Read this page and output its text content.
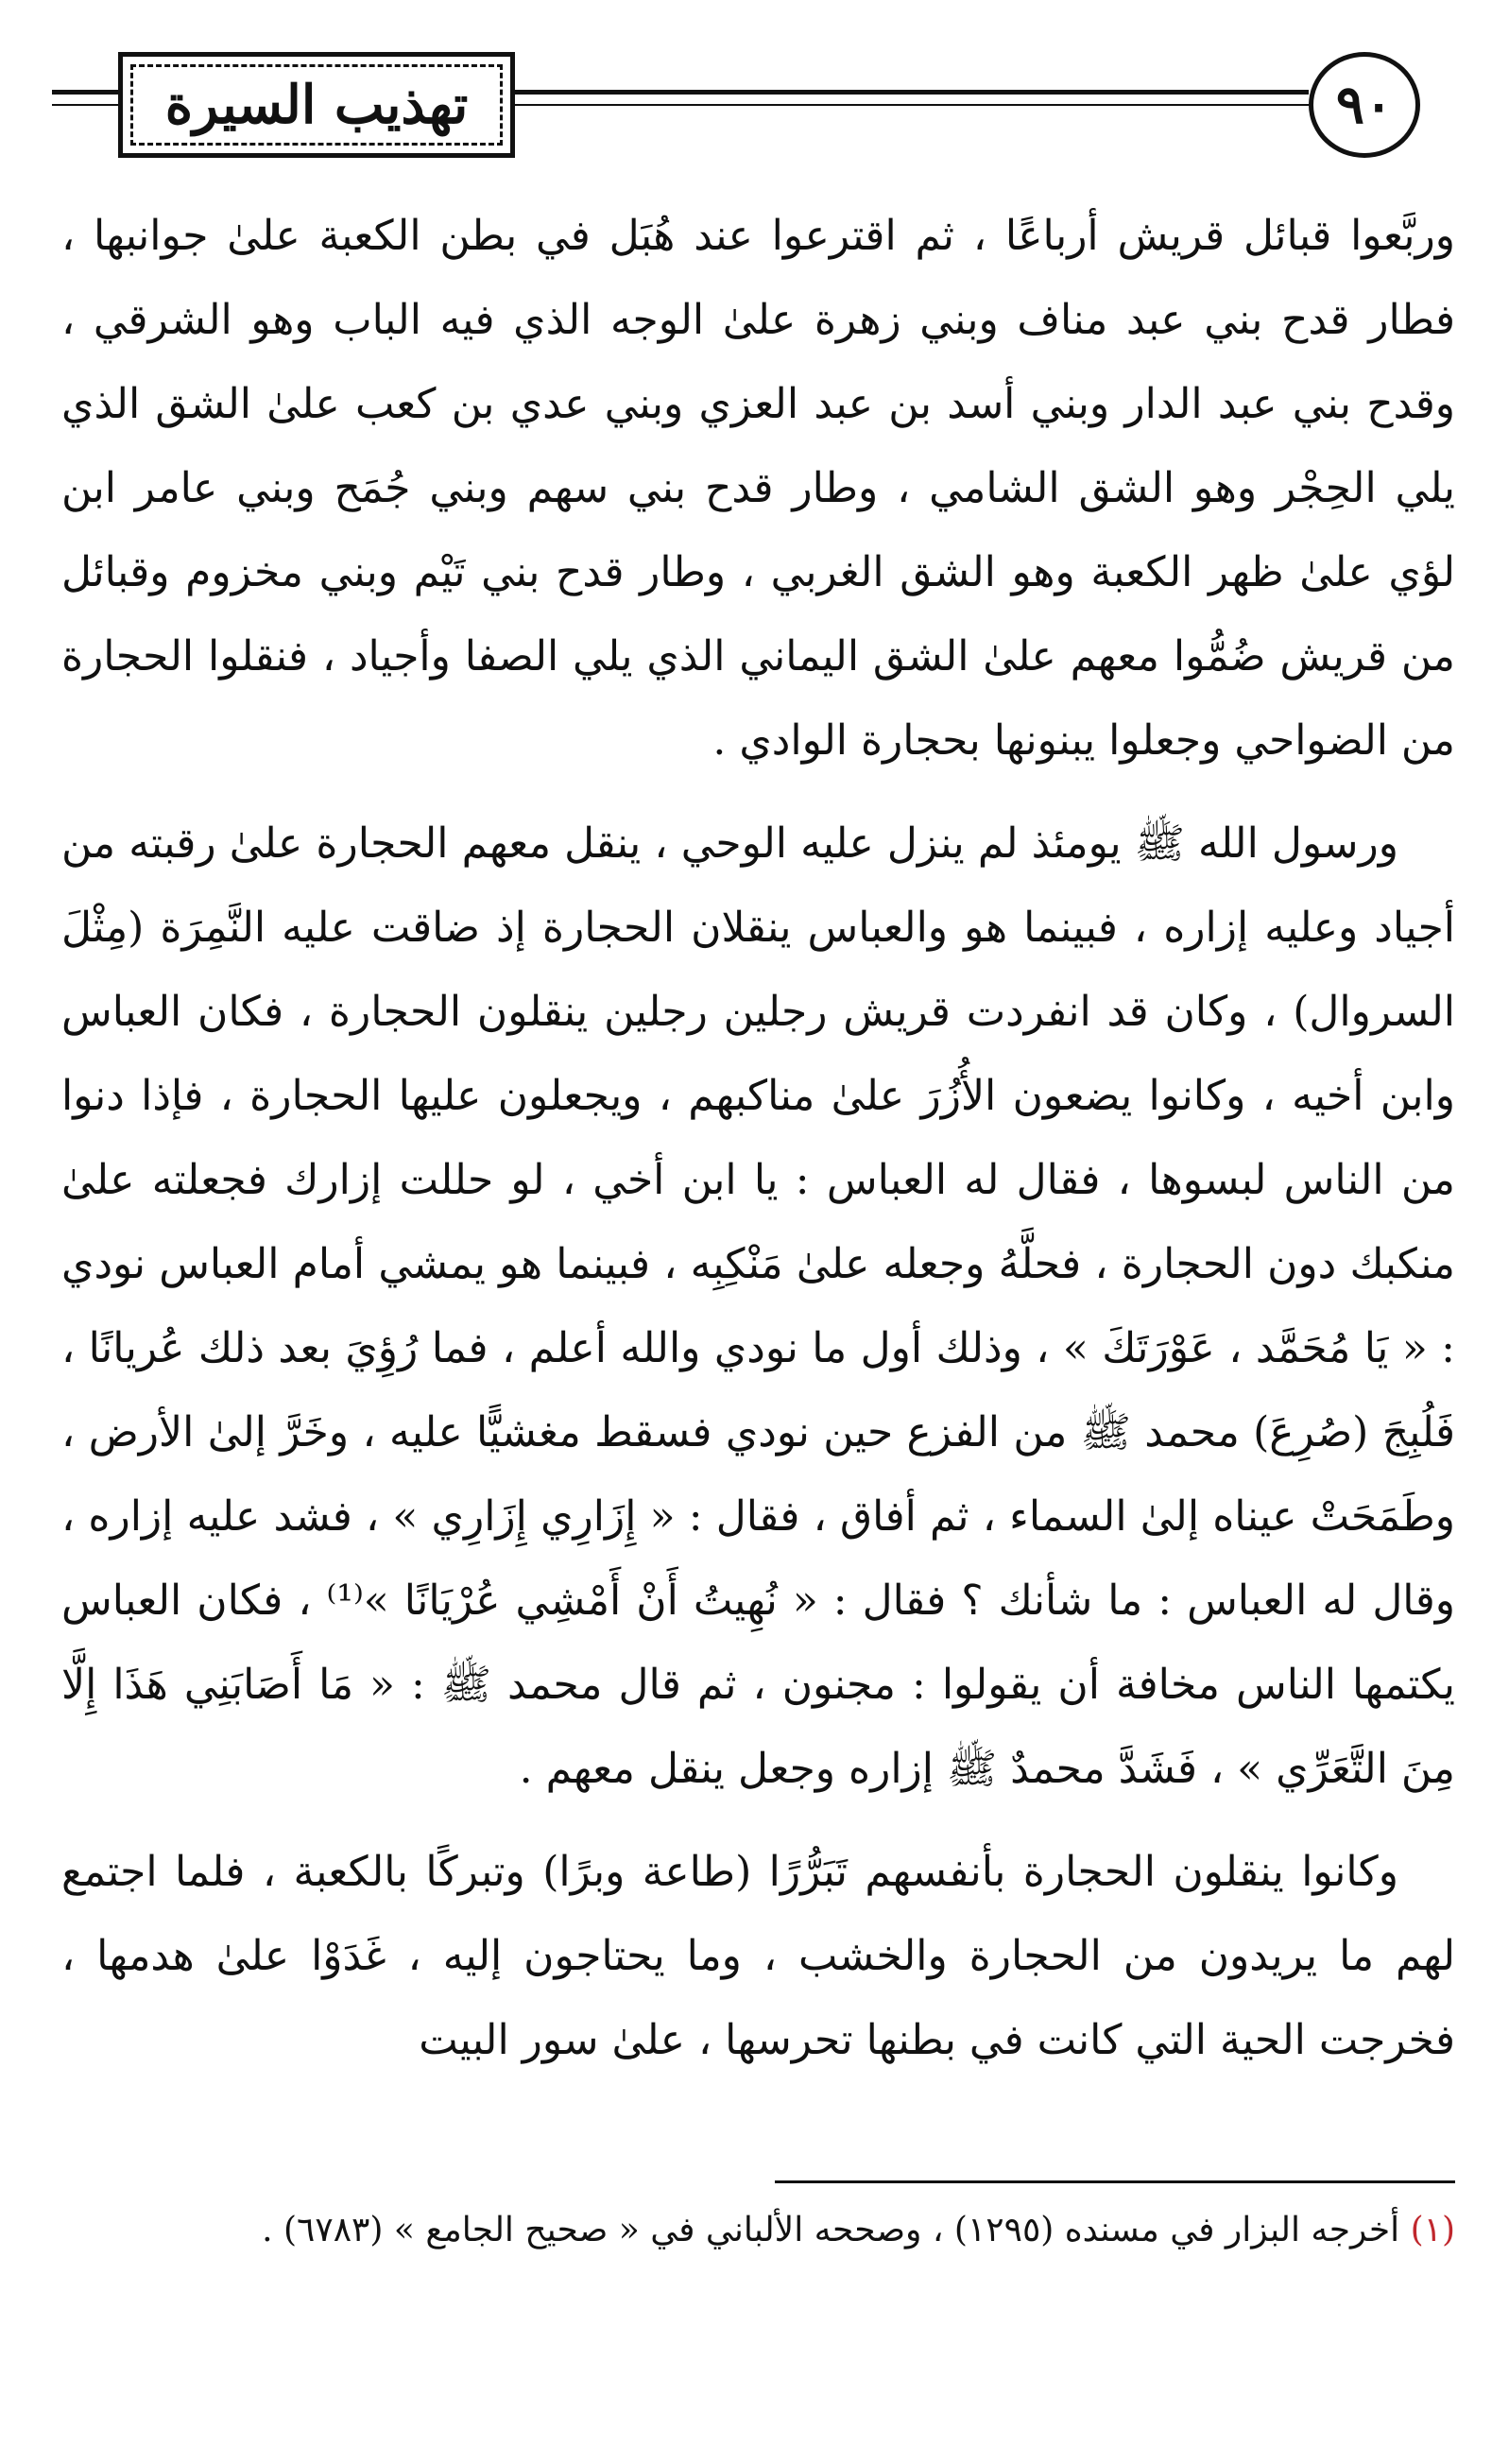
تهذيب السيرة	٩٠

وربَّعوا قبائل قريش أرباعًا ، ثم اقترعوا عند هُبَل في بطن الكعبة علىٰ جوانبها ، فطار قدح بني عبد مناف وبني زهرة علىٰ الوجه الذي فيه الباب وهو الشرقي ، وقدح بني عبد الدار وبني أسد بن عبد العزي وبني عدي بن كعب علىٰ الشق الذي يلي الحِجْر وهو الشق الشامي ، وطار قدح بني سهم وبني جُمَح وبني عامر ابن لؤي علىٰ ظهر الكعبة وهو الشق الغربي ، وطار قدح بني تَيْم وبني مخزوم وقبائل من قريش ضُمُّوا معهم علىٰ الشق اليماني الذي يلي الصفا وأجياد ، فنقلوا الحجارة من الضواحي وجعلوا يبنونها بحجارة الوادي .

ورسول الله ﷺ يومئذ لم ينزل عليه الوحي ، ينقل معهم الحجارة علىٰ رقبته من أجياد وعليه إزاره ، فبينما هو والعباس ينقلان الحجارة إذ ضاقت عليه النَّمِرَة (مِثْلَ السروال) ، وكان قد انفردت قريش رجلين رجلين ينقلون الحجارة ، فكان العباس وابن أخيه ، وكانوا يضعون الأُزُرَ علىٰ مناكبهم ، ويجعلون عليها الحجارة ، فإذا دنوا من الناس لبسوها ، فقال له العباس : يا ابن أخي ، لو حللت إزارك فجعلته علىٰ منكبك دون الحجارة ، فحلَّهُ وجعله علىٰ مَنْكِبِه ، فبينما هو يمشي أمام العباس نودي : « يَا مُحَمَّد ، عَوْرَتَكَ » ، وذلك أول ما نودي والله أعلم ، فما رُؤِيَ بعد ذلك عُريانًا ، فَلُبِجَ (صُرِعَ) محمد ﷺ من الفزع حين نودي فسقط مغشيًّا عليه ، وخَرَّ إلىٰ الأرض ، وطَمَحَتْ عيناه إلىٰ السماء ، ثم أفاق ، فقال : « إِزَارِي إِزَارِي » ، فشد عليه إزاره ، وقال له العباس : ما شأنك ؟ فقال : « نُهِيتُ أَنْ أَمْشِي عُرْيَانًا »⁽¹⁾ ، فكان العباس يكتمها الناس مخافة أن يقولوا : مجنون ، ثم قال محمد ﷺ : « مَا أَصَابَنِي هَذَا إِلَّا مِنَ التَّعَرِّي » ، فَشَدَّ محمدٌ ﷺ إزاره وجعل ينقل معهم .

وكانوا ينقلون الحجارة بأنفسهم تَبَرُّرًا (طاعة وبرًا) وتبركًا بالكعبة ، فلما اجتمع لهم ما يريدون من الحجارة والخشب ، وما يحتاجون إليه ، غَدَوْا علىٰ هدمها ، فخرجت الحية التي كانت في بطنها تحرسها ، علىٰ سور البيت

(١) أخرجه البزار في مسنده (١٢٩٥) ، وصححه الألباني في « صحيح الجامع » (٦٧٨٣) .
